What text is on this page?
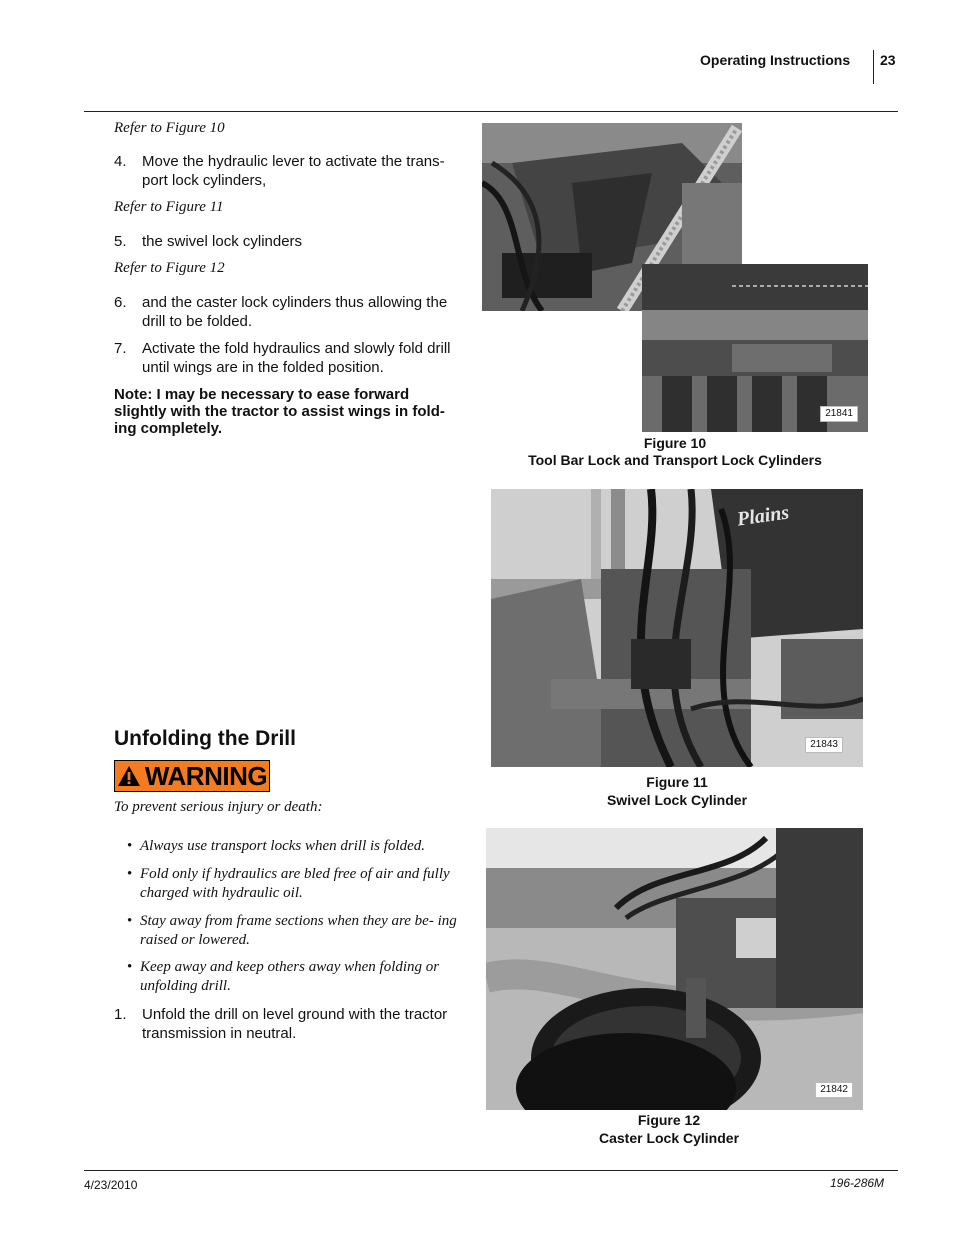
Operating Instructions 23
Refer to Figure 10
4. Move the hydraulic lever to activate the trans- port lock cylinders,
Refer to Figure 11
5. the swivel lock cylinders
Refer to Figure 12
6. and the caster lock cylinders thus allowing the drill to be folded.
7. Activate the fold hydraulics and slowly fold drill until wings are in the folded position.
Note: I may be necessary to ease forward slightly with the tractor to assist wings in fold- ing completely.
Unfolding the Drill
WARNING
To prevent serious injury or death:
• Always use transport locks when drill is folded.
• Fold only if hydraulics are bled free of air and fully charged with hydraulic oil.
• Stay away from frame sections when they are be- ing raised or lowered.
• Keep away and keep others away when folding or unfolding drill.
1. Unfold the drill on level ground with the tractor transmission in neutral.
21841
Figure 10
Tool Bar Lock and Transport Lock Cylinders
Plains
21843
Figure 11
Swivel Lock Cylinder
21842
Figure 12
Caster Lock Cylinder
4/23/2010	196-286M
